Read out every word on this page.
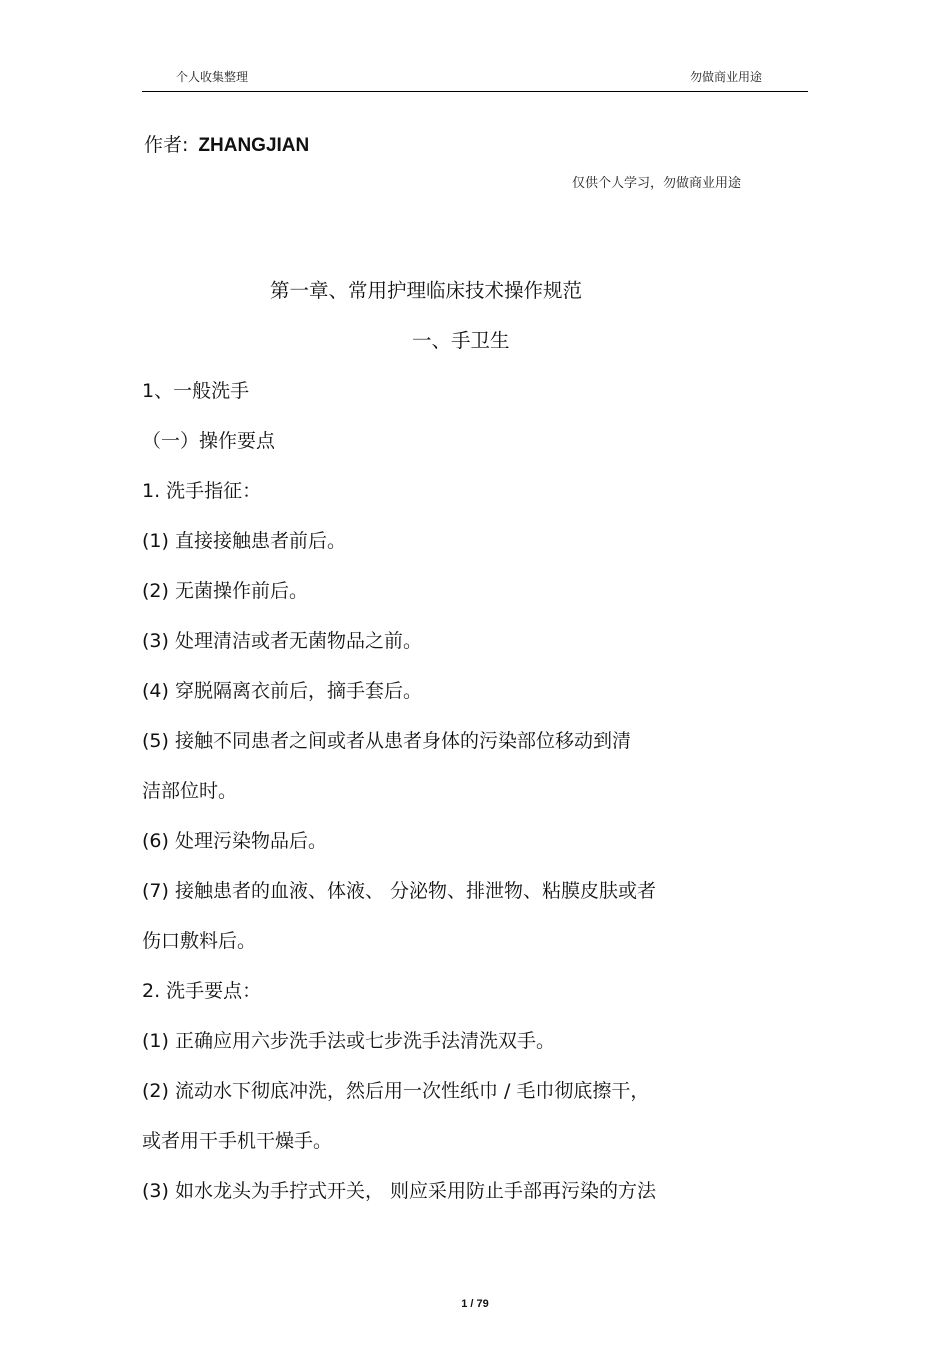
个人收集整理	勿做商业用途
作者: ZHANGJIAN
仅供个人学习，勿做商业用途
第一章、常用护理临床技术操作规范
一、手卫生
1、一般洗手
（一）操作要点
1. 洗手指征：
(1) 直接接触患者前后。
(2) 无菌操作前后。
(3) 处理清洁或者无菌物品之前。
(4) 穿脱隔离衣前后，摘手套后。
(5) 接触不同患者之间或者从患者身体的污染部位移动到清
洁部位时。
(6) 处理污染物品后。
(7) 接触患者的血液、体液、 分泌物、排泄物、粘膜皮肤或者
伤口敷料后。
2. 洗手要点：
(1) 正确应用六步洗手法或七步洗手法清洗双手。
(2) 流动水下彻底冲洗，然后用一次性纸巾 / 毛巾彻底擦干，
或者用干手机干燥手。
(3) 如水龙头为手拧式开关， 则应采用防止手部再污染的方法
1 / 79
